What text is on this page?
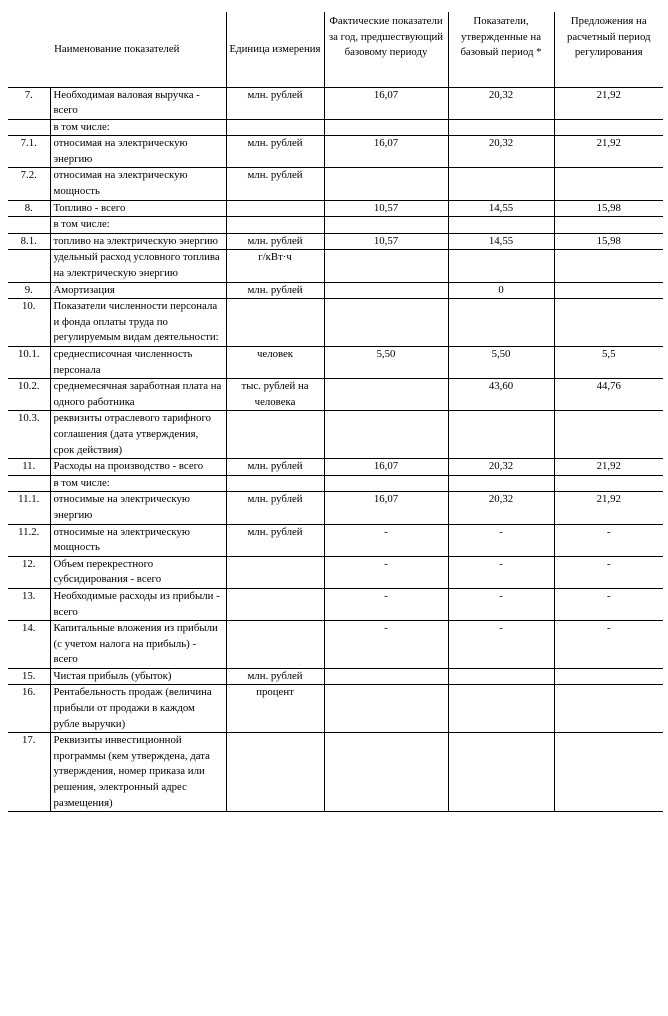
Наименование показателей		Единица измерения	Фактические показатели за год, предшествующий базовому периоду	Показатели, утвержденные на базовый период *	Предложения на расчетный период регулирования
7.	Необходимая валовая выручка - всего	млн. рублей	16,07	20,32	21,92
	в том числе:				
7.1.	относимая на электрическую энергию	млн. рублей	16,07	20,32	21,92
7.2.	относимая на электрическую мощность	млн. рублей			
8.	Топливо - всего		10,57	14,55	15,98
	в том числе:				
8.1.	топливо на электрическую энергию	млн. рублей	10,57	14,55	15,98
	удельный расход условного топлива на электрическую энергию	г/кВт·ч			
9.	Амортизация	млн. рублей		0	
10.	Показатели численности персонала и фонда оплаты труда по регулируемым видам деятельности:				
10.1.	среднесписочная численность персонала	человек	5,50	5,50	5,5
10.2.	среднемесячная заработная плата на одного работника	тыс. рублей на человека		43,60	44,76
10.3.	реквизиты отраслевого тарифного соглашения (дата утверждения, срок действия)				
11.	Расходы на производство - всего	млн. рублей	16,07	20,32	21,92
	в том числе:				
11.1.	относимые на электрическую энергию	млн. рублей	16,07	20,32	21,92
11.2.	относимые на электрическую мощность	млн. рублей	-	-	-
12.	Объем перекрестного субсидирования - всего		-	-	-
13.	Необходимые расходы из прибыли - всего		-	-	-
14.	Капитальные вложения из прибыли (с учетом налога на прибыль) - всего		-	-	-
15.	Чистая прибыль (убыток)	млн. рублей			
16.	Рентабельность продаж (величина прибыли от продажи в каждом рубле выручки)	процент			
17.	Реквизиты инвестиционной программы (кем утверждена, дата утверждения, номер приказа или решения, электронный адрес размещения)				
